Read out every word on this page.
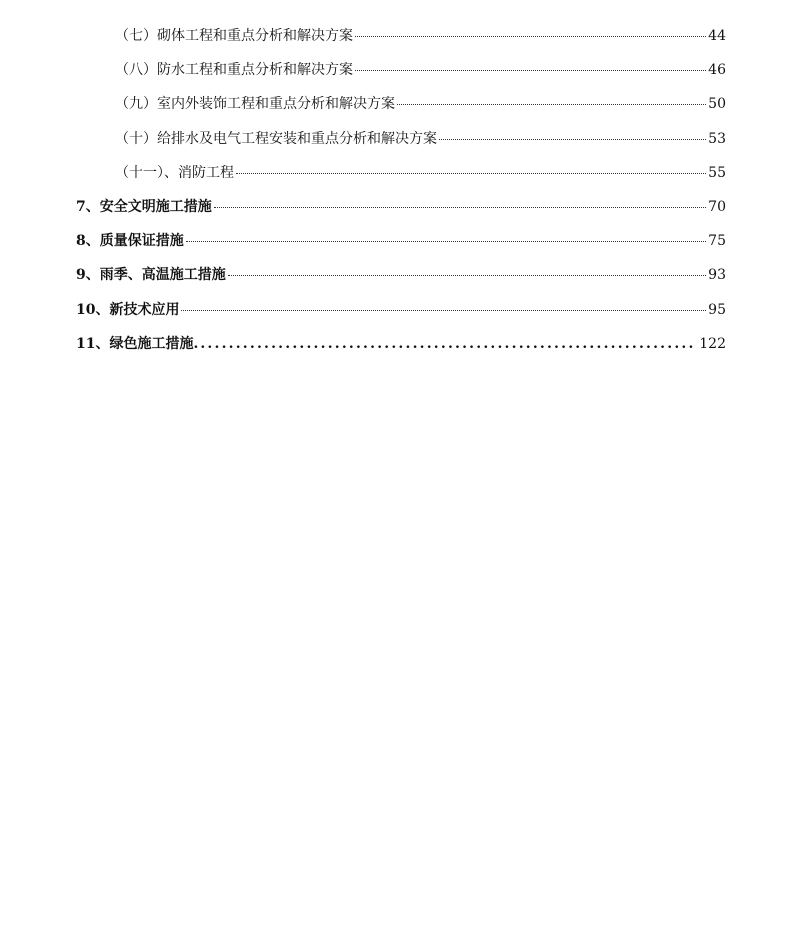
（七）砌体工程和重点分析和解决方案	44
（八）防水工程和重点分析和解决方案	46
（九）室内外装饰工程和重点分析和解决方案	50
（十）给排水及电气工程安装和重点分析和解决方案	53
（十一）、消防工程	55
7、安全文明施工措施	70
8、质量保证措施	75
9、雨季、高温施工措施	93
10、新技术应用	95
11、绿色施工措施. .....	122
